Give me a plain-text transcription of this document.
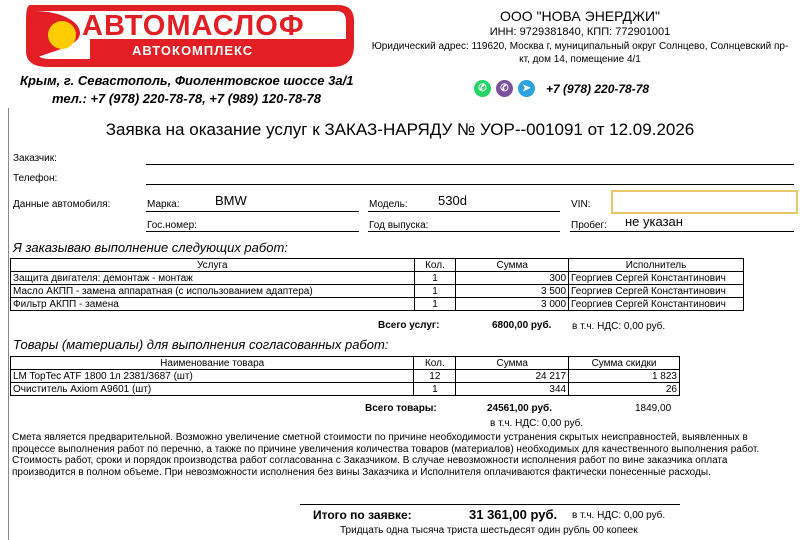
АВТОМАСЛОФ
АВТОКОМПЛЕКС
ООО "НОВА ЭНЕРДЖИ"
ИНН: 9729381840, КПП: 772901001
Юридический адрес: 119620, Москва г, муниципальный округ Солнцево, Солнцевский пр-кт, дом 14, помещение 4/1
Крым, г. Севастополь, Фиолентовское шоссе 3а/1
тел.: +7 (978) 220-78-78, +7 (989) 120-78-78
✆	✆	➤	+7 (978) 220-78-78
Заявка на оказание услуг к ЗАКАЗ-НАРЯДУ № УОР--001091 от 12.09.2026
Заказчик:
Телефон:
Данные автомобиля:	Марка:	BMW	Модель: 530d	VIN:
Гос.номер:	Год выпуска:	Пробег: не указан
Я заказываю выполнение следующих работ:
Услуга	Кол.	Сумма	Исполнитель
Защита двигателя: демонтаж - монтаж	1	300	Георгиев Сергей Константинович
Масло АКПП - замена аппаратная (с использованием адаптера)	1	3 500	Георгиев Сергей Константинович
Фильтр АКПП - замена	1	3 000	Георгиев Сергей Константинович
Всего услуг:	6800,00 руб. в т.ч. НДС: 0,00 руб.
Товары (материалы) для выполнения согласованных работ:
Наименование товара	Кол.	Сумма	Сумма скидки
LM TopTec ATF 1800 1л 2381/3687 (шт)	12	24 217	1 823
Очиститель Axiom A9601 (шт)	1	344	26
Всего товары:	24561,00 руб.	1849,00
в т.ч. НДС: 0,00 руб.
Смета является предварительной. Возможно увеличение сметной стоимости по причине необходимости устранения скрытых неисправностей, выявленных в процессе выполнения работ по перечню, а также по причине увеличения количества товаров (материалов) необходимых для качественного выполнения работ.
Стоимость работ, сроки и порядок производства работ согласованна с Заказчиком. В случае невозможности исполнения работ по вине заказчика оплата производится в полном объеме. При невозможности исполнения без вины Заказчика и Исполнителя оплачиваются фактически понесенные расходы.
Итого по заявке:	31 361,00 руб. в т.ч. НДС: 0,00 руб.
Тридцать одна тысяча триста шестьдесят один рубль 00 копеек
